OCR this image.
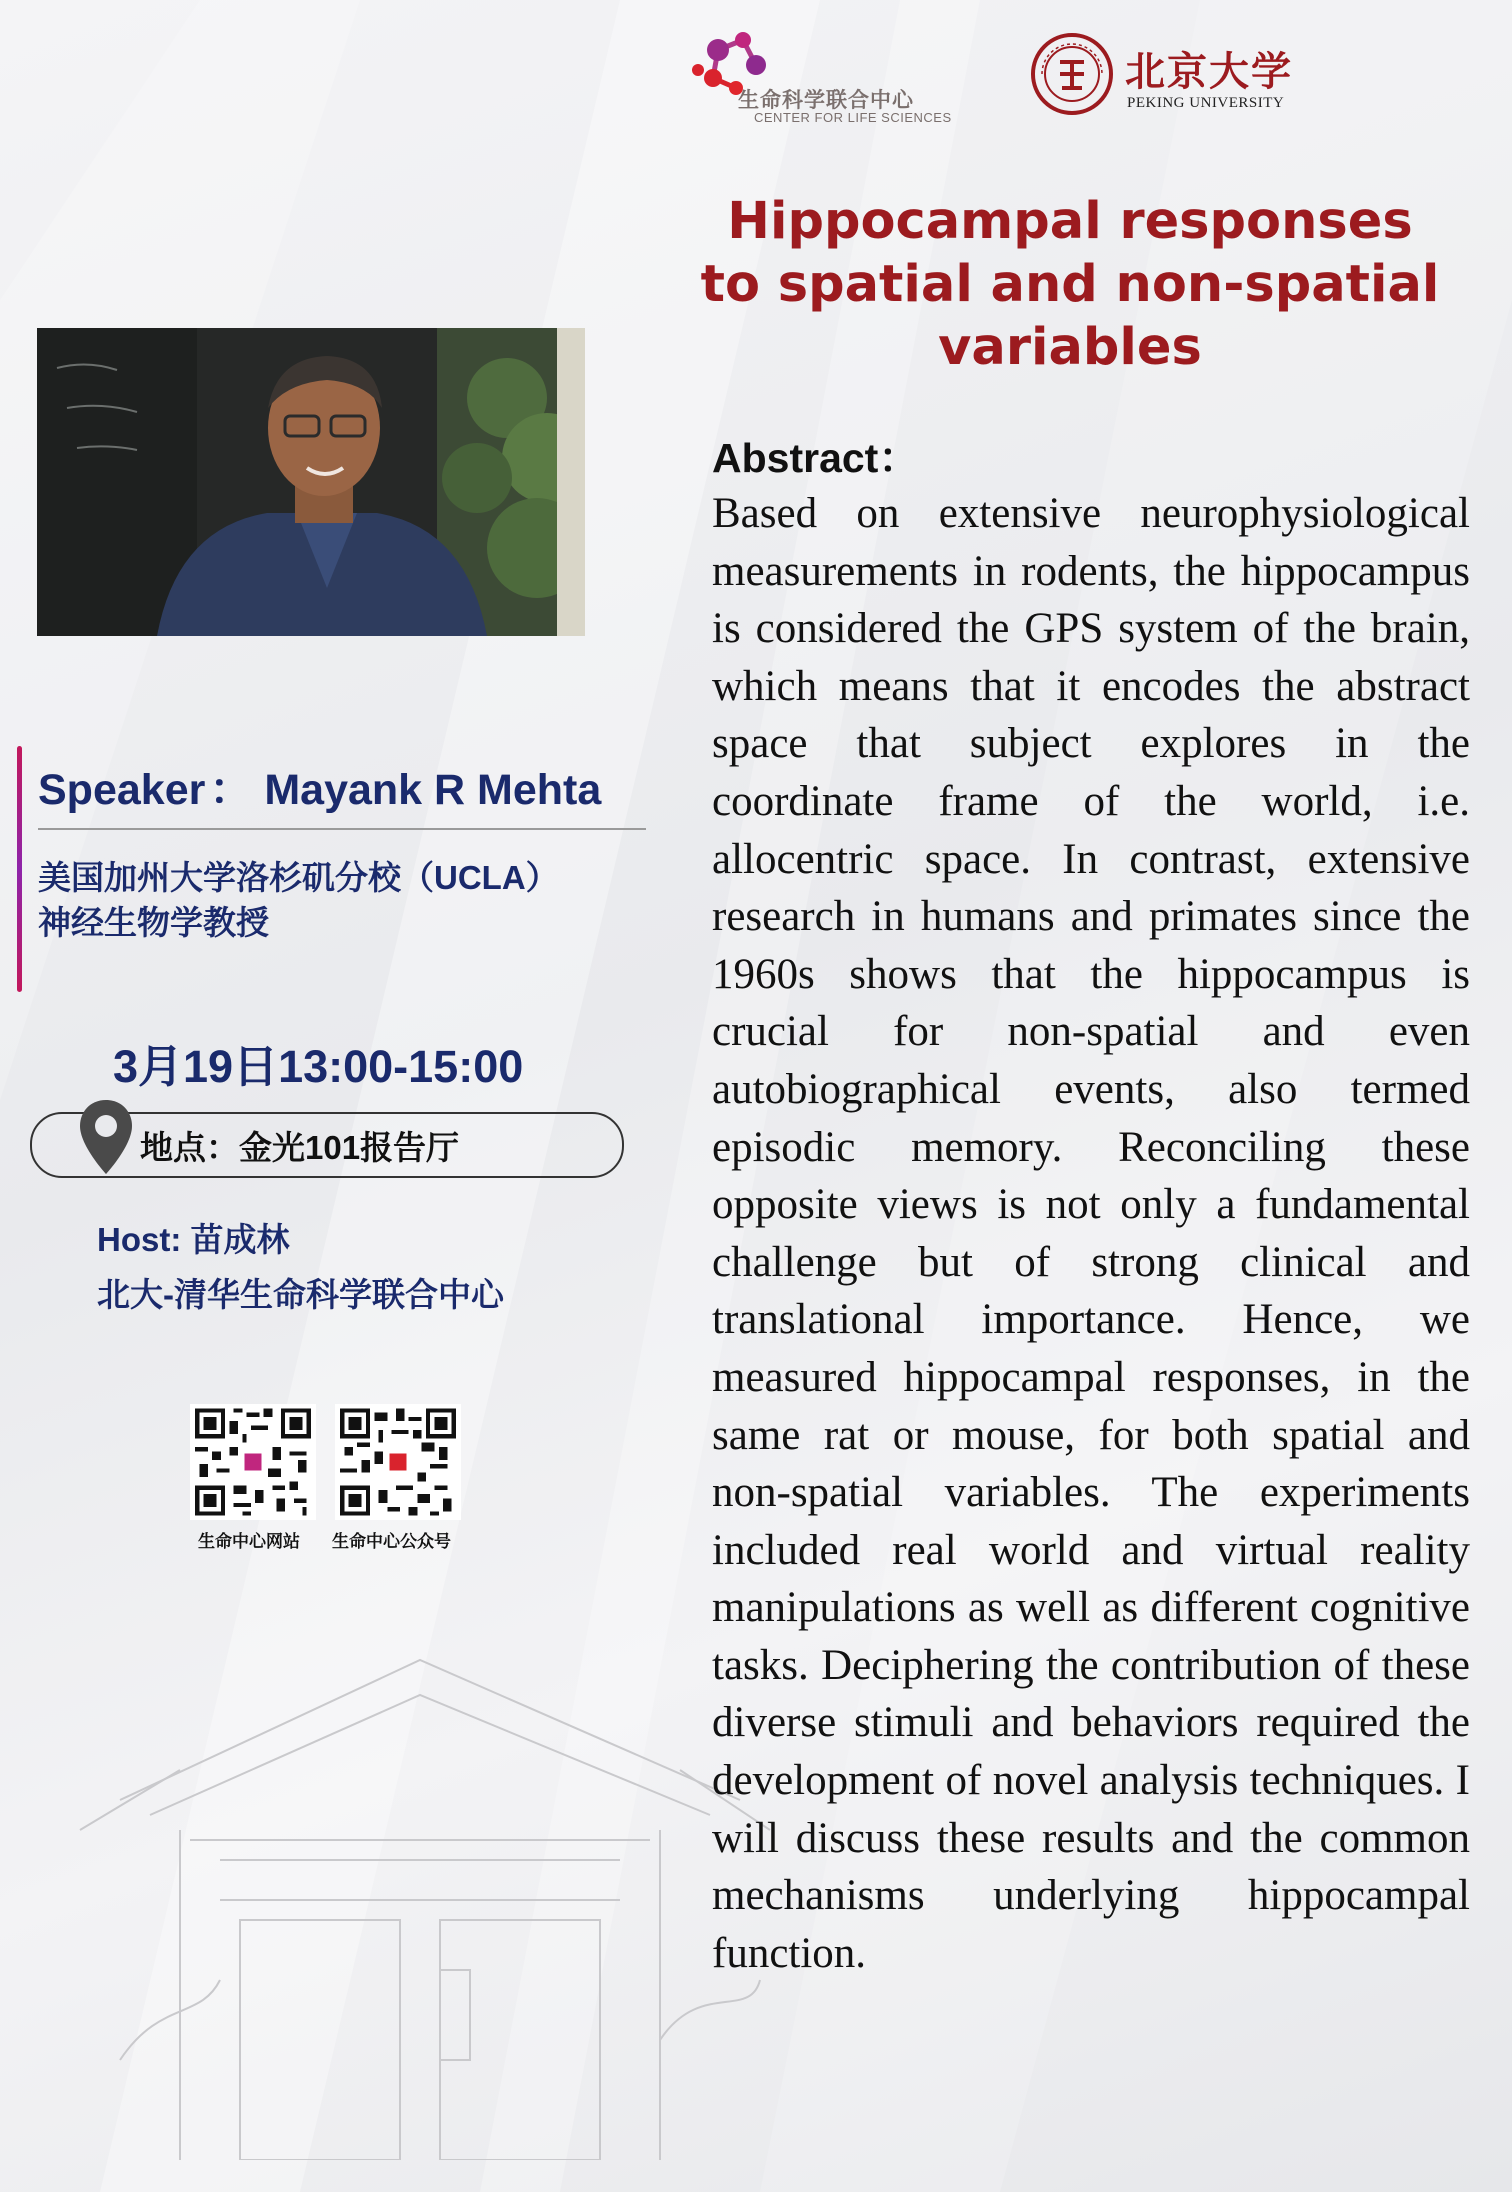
生命科学联合中心
CENTER FOR LIFE SCIENCES
北京大学
PEKING UNIVERSITY
Hippocampal responses to spatial and non-spatial variables
Speaker： Mayank R Mehta
美国加州大学洛杉矶分校（UCLA）
神经生物学教授
3月19日13:00-15:00
地点：金光101报告厅
Host: 苗成林
北大-清华生命科学联合中心
生命中心网站 生命中心公众号
Abstract：

Based on extensive neurophysiological measurements in rodents, the hippocampus is considered the GPS system of the brain, which means that it encodes the abstract space that subject explores in the coordinate frame of the world, i.e. allocentric space. In contrast, extensive research in humans and primates since the 1960s shows that the hippocampus is crucial for non-spatial and even autobiographical events, also termed episodic memory. Reconciling these opposite views is not only a fundamental challenge but of strong clinical and translational importance. Hence, we measured hippocampal responses, in the same rat or mouse, for both spatial and non-spatial variables. The experiments included real world and virtual reality manipulations as well as different cognitive tasks. Deciphering the contribution of these diverse stimuli and behaviors required the development of novel analysis techniques. I will discuss these results and the common mechanisms underlying hippocampal function.
